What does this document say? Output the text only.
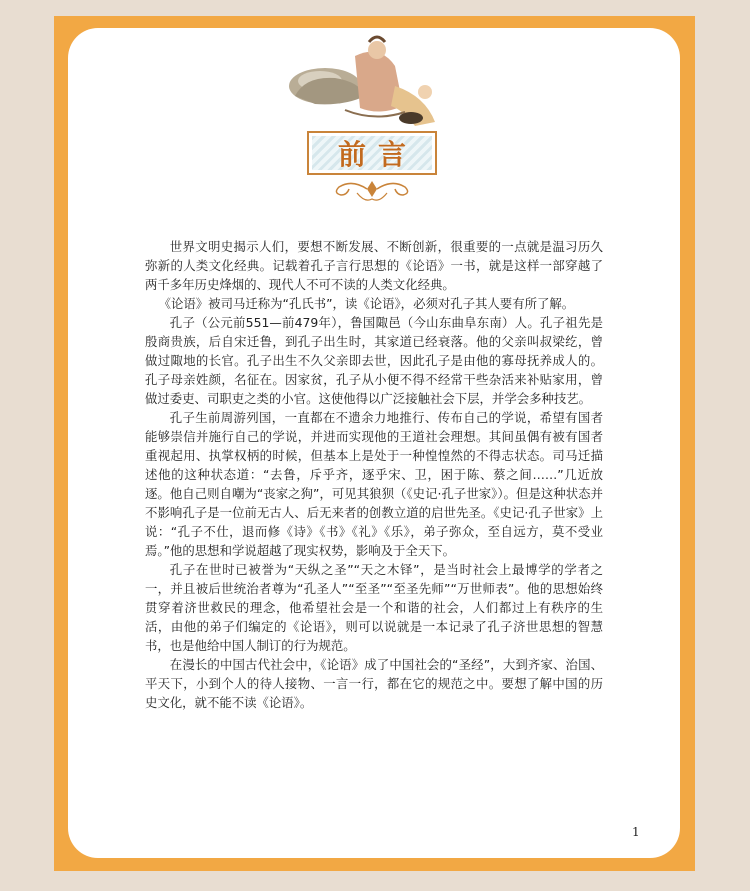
前言

世界文明史揭示人们，要想不断发展、不断创新，很重要的一点就是温习历久弥新的人类文化经典。记载着孔子言行思想的《论语》一书，就是这样一部穿越了两千多年历史烽烟的、现代人不可不读的人类文化经典。

《论语》被司马迁称为“孔氏书”，读《论语》，必须对孔子其人要有所了解。

孔子（公元前551—前479年），鲁国陬邑（今山东曲阜东南）人。孔子祖先是殷商贵族，后自宋迁鲁，到孔子出生时，其家道已经衰落。他的父亲叫叔梁纥，曾做过陬地的长官。孔子出生不久父亲即去世，因此孔子是由他的寡母抚养成人的。孔子母亲姓颜，名征在。因家贫，孔子从小便不得不经常干些杂活来补贴家用，曾做过委吏、司职吏之类的小官。这使他得以广泛接触社会下层，并学会多种技艺。

孔子生前周游列国，一直都在不遗余力地推行、传布自己的学说，希望有国者能够崇信并施行自己的学说，并进而实现他的王道社会理想。其间虽偶有被有国者重视起用、执掌权柄的时候，但基本上是处于一种惶惶然的不得志状态。司马迁描述他的这种状态道：“去鲁，斥乎齐，逐乎宋、卫，困于陈、蔡之间……”几近放逐。他自己则自嘲为“丧家之狗”，可见其狼狈（《史记·孔子世家》）。但是这种状态并不影响孔子是一位前无古人、后无来者的创教立道的启世先圣。《史记·孔子世家》上说：“孔子不仕，退而修《诗》《书》《礼》《乐》，弟子弥众，至自远方，莫不受业焉。”他的思想和学说超越了现实权势，影响及于全天下。

孔子在世时已被誉为“天纵之圣”“天之木铎”，是当时社会上最博学的学者之一，并且被后世统治者尊为“孔圣人”“至圣”“至圣先师”“万世师表”。他的思想始终贯穿着济世救民的理念，他希望社会是一个和谐的社会，人们都过上有秩序的生活，由他的弟子们编定的《论语》，则可以说就是一本记录了孔子济世思想的智慧书，也是他给中国人制订的行为规范。

在漫长的中国古代社会中，《论语》成了中国社会的“圣经”，大到齐家、治国、平天下，小到个人的待人接物、一言一行，都在它的规范之中。要想了解中国的历史文化，就不能不读《论语》。

1
